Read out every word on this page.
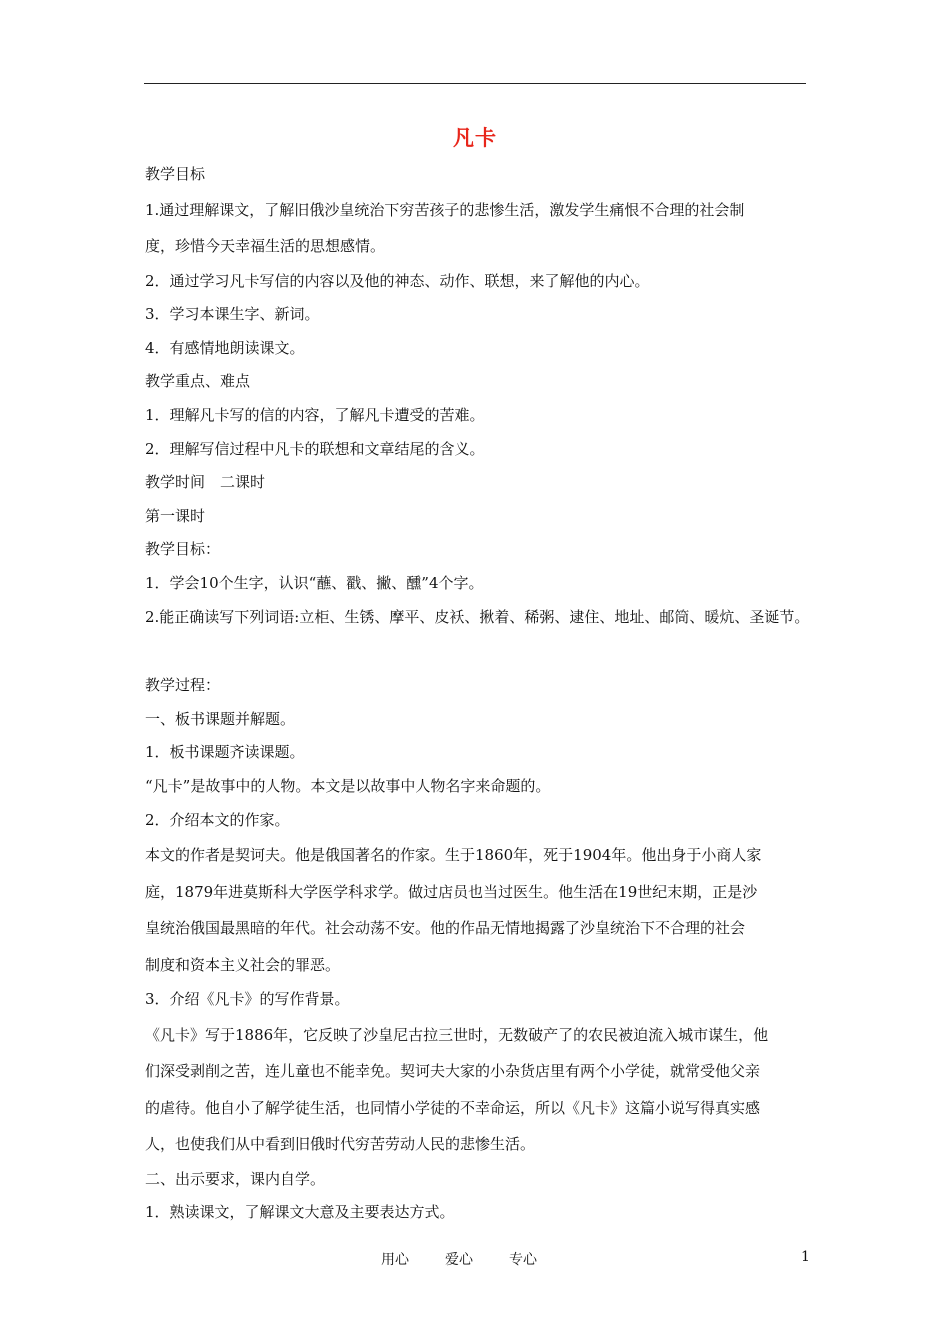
凡卡
教学目标
1.通过理解课文，了解旧俄沙皇统治下穷苦孩子的悲惨生活，激发学生痛恨不合理的社会制
度，珍惜今天幸福生活的思想感情。
2．通过学习凡卡写信的内容以及他的神态、动作、联想，来了解他的内心。
3．学习本课生字、新词。
4．有感情地朗读课文。
教学重点、难点
1．理解凡卡写的信的内容，了解凡卡遭受的苦难。
2．理解写信过程中凡卡的联想和文章结尾的含义。
教学时间　二课时
第一课时
教学目标：
1．学会10个生字，认识“蘸、戳、撇、醺”4个字。
2.能正确读写下列词语:立柜、生锈、摩平、皮袄、揪着、稀粥、逮住、地址、邮筒、暖炕、圣诞节。
教学过程：
一、板书课题并解题。
1．板书课题齐读课题。
“凡卡”是故事中的人物。本文是以故事中人物名字来命题的。
2．介绍本文的作家。
本文的作者是契诃夫。他是俄国著名的作家。生于1860年，死于1904年。他出身于小商人家
庭，1879年进莫斯科大学医学科求学。做过店员也当过医生。他生活在19世纪末期，正是沙
皇统治俄国最黑暗的年代。社会动荡不安。他的作品无情地揭露了沙皇统治下不合理的社会
制度和资本主义社会的罪恶。
3．介绍《凡卡》的写作背景。
《凡卡》写于1886年，它反映了沙皇尼古拉三世时，无数破产了的农民被迫流入城市谋生，他
们深受剥削之苦，连儿童也不能幸免。契诃夫大家的小杂货店里有两个小学徒，就常受他父亲
的虐待。他自小了解学徒生活，也同情小学徒的不幸命运，所以《凡卡》这篇小说写得真实感
人，也使我们从中看到旧俄时代穷苦劳动人民的悲惨生活。
二、出示要求，课内自学。
1．熟读课文，了解课文大意及主要表达方式。
用心	爱心	专心	1
